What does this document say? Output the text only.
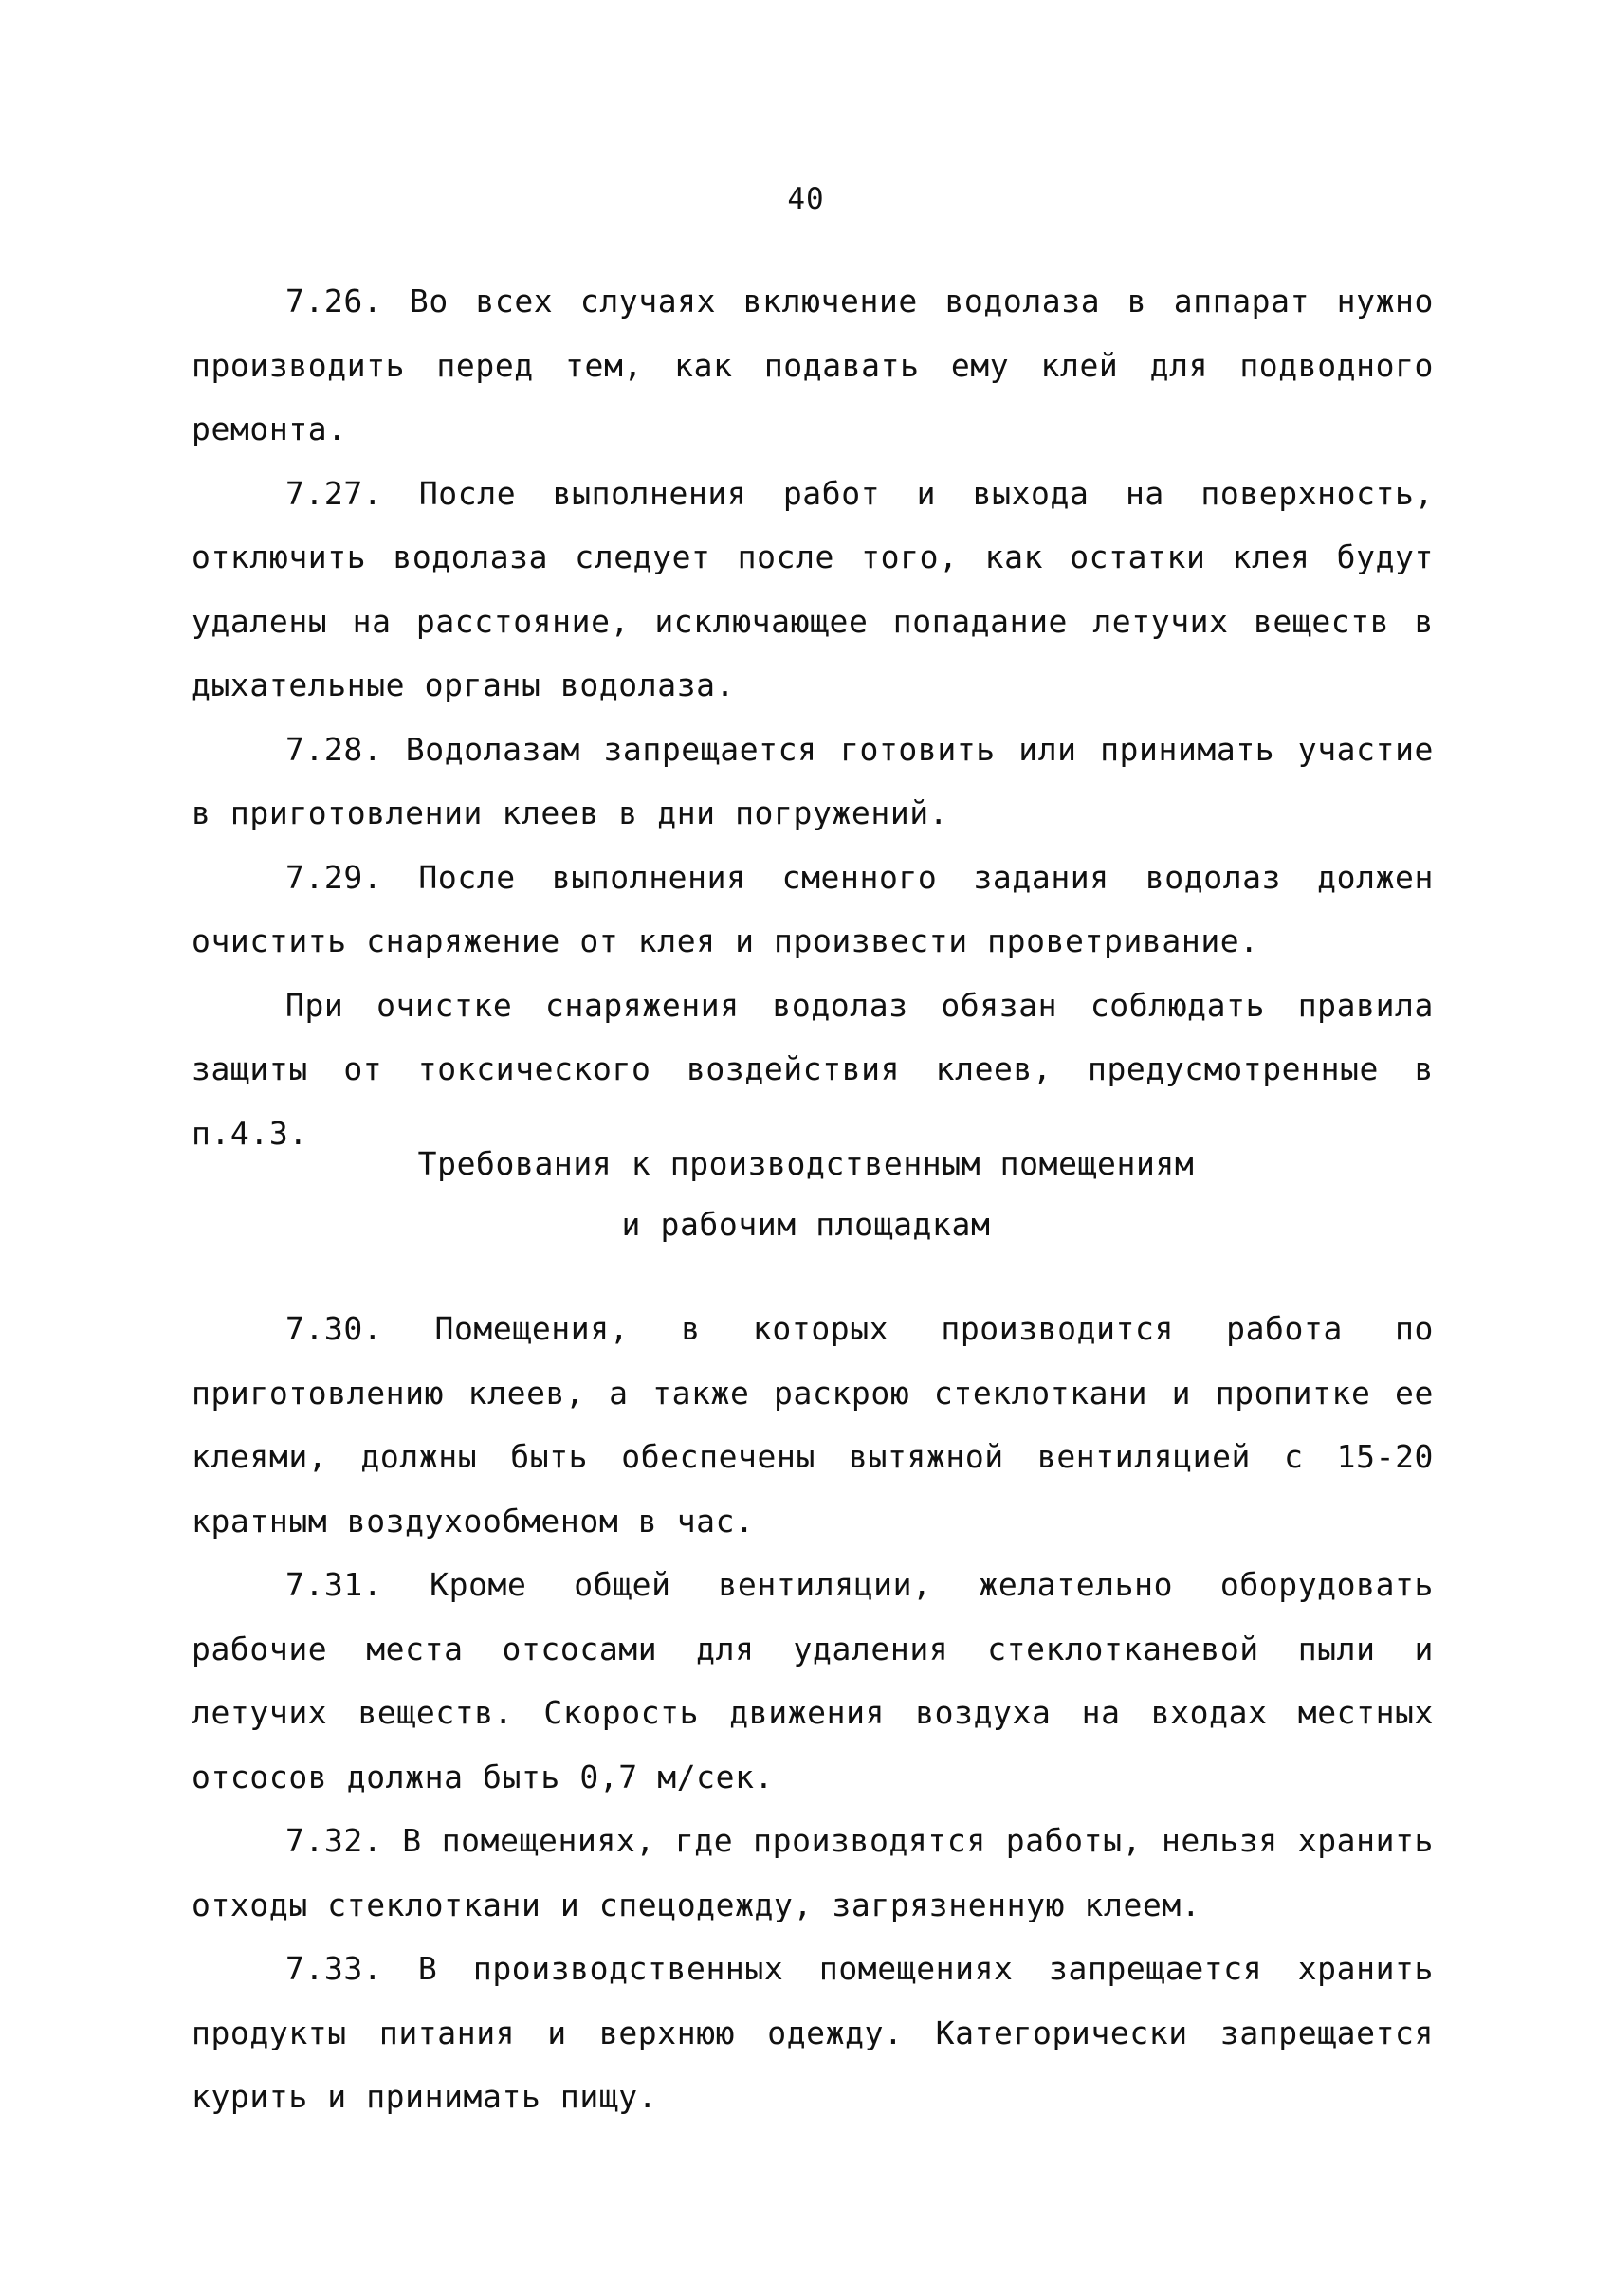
40

7.26. Во всех случаях включение водолаза в аппарат нужно производить перед тем, как подавать ему клей для подводного ремонта.

7.27. После выполнения работ и выхода на поверхность, отключить водолаза следует после того, как остатки клея будут удалены на расстояние, исключающее попадание летучих веществ в дыхательные органы водолаза.

7.28. Водолазам запрещается готовить или принимать участие в приготовлении клеев в дни погружений.

7.29. После выполнения сменного задания водолаз должен очистить снаряжение от клея и произвести проветривание.

При очистке снаряжения водолаз обязан соблюдать правила защиты от токсического воздействия клеев, предусмотренные в п.4.3.

Требования к производственным помещениям
и рабочим площадкам

7.30. Помещения, в которых производится работа по приготовлению клеев, а также раскрою стеклоткани и пропитке ее клеями, должны быть обеспечены вытяжной вентиляцией с 15-20 кратным воздухообменом в час.

7.31. Кроме общей вентиляции, желательно оборудовать рабочие места отсосами для удаления стеклотканевой пыли и летучих веществ. Скорость движения воздуха на входах местных отсосов должна быть 0,7 м/сек.

7.32. В помещениях, где производятся работы, нельзя хранить отходы стеклоткани и спецодежду, загрязненную клеем.

7.33. В производственных помещениях запрещается хранить продукты питания и верхнюю одежду. Категорически запрещается курить и принимать пищу.
